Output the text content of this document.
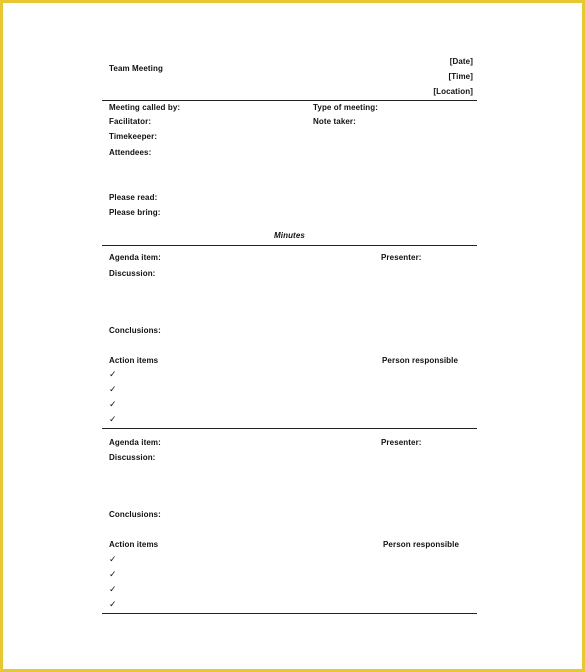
Team Meeting
[Date]
[Time]
[Location]
Meeting called by:	Type of meeting:
Facilitator:	Note taker:
Timekeeper:
Attendees:
Please read:
Please bring:
Minutes
Agenda item:	Presenter:
Discussion:
Conclusions:
Action items	Person responsible
✓
✓
✓
✓
Agenda item:	Presenter:
Discussion:
Conclusions:
Action items	Person responsible
✓
✓
✓
✓
